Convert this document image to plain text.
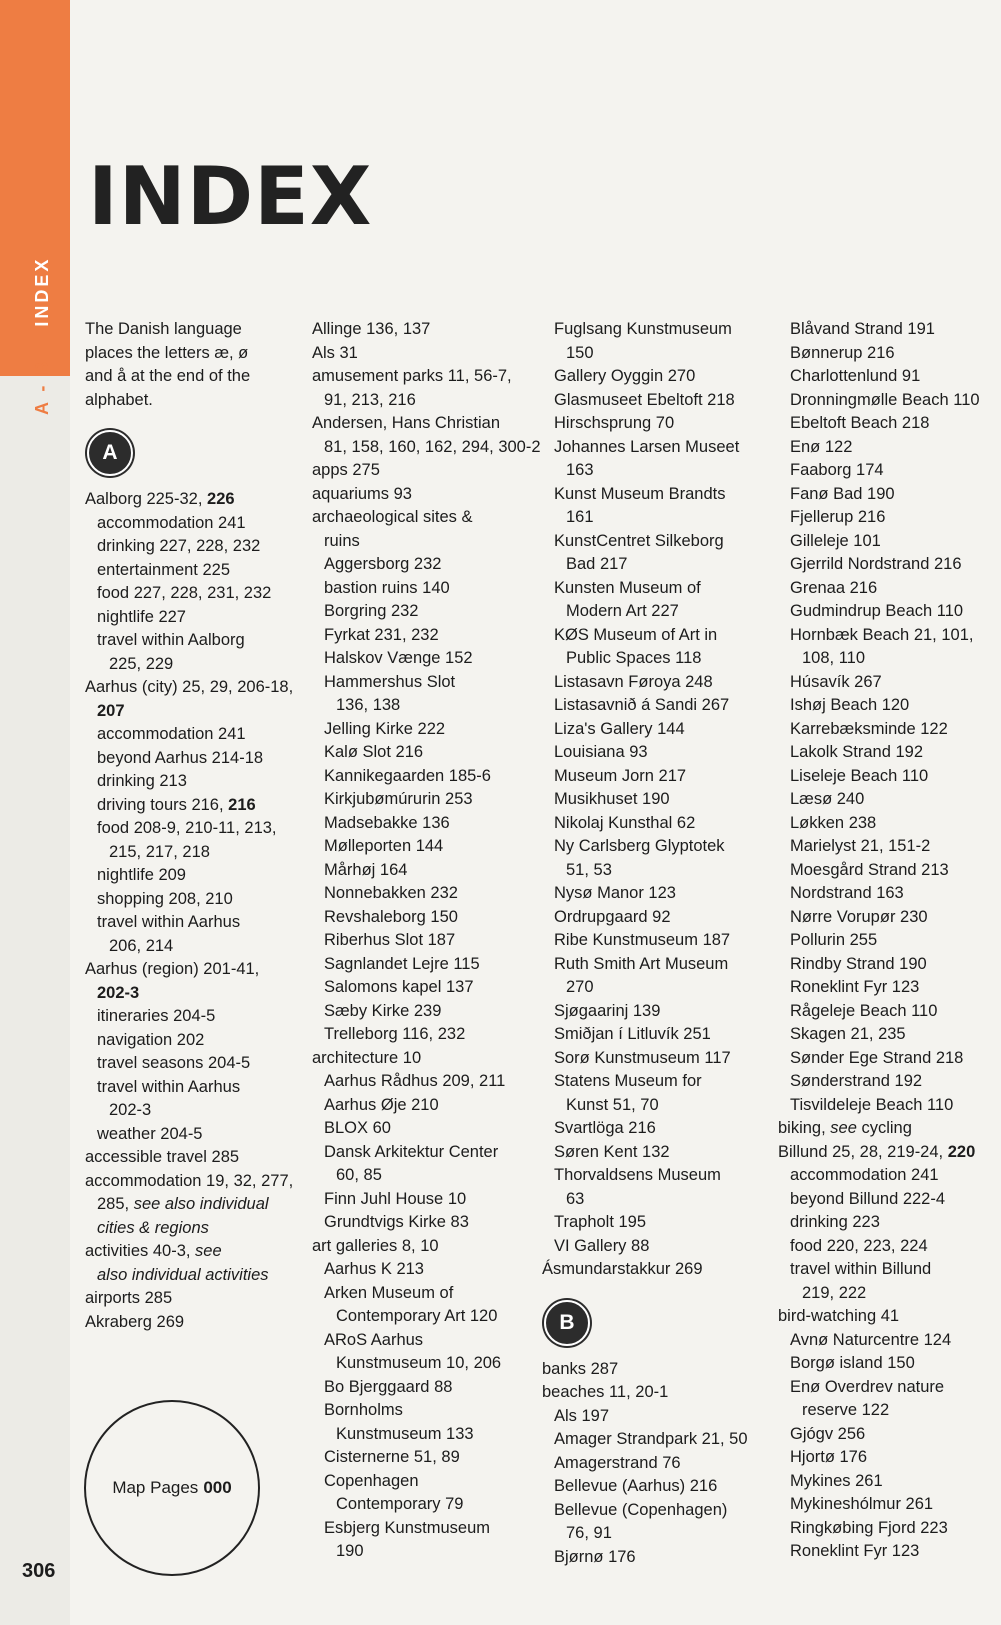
A - B  INDEX
INDEX
The Danish language places the letters æ, ø and å at the end of the alphabet.
A
Aalborg 225-32, 226
accommodation 241
drinking 227, 228, 232
entertainment 225
food 227, 228, 231, 232
nightlife 227
travel within Aalborg
225, 229
Aarhus (city) 25, 29, 206-18,
207
accommodation 241
beyond Aarhus 214-18
drinking 213
driving tours 216, 216
food 208-9, 210-11, 213,
215, 217, 218
nightlife 209
shopping 208, 210
travel within Aarhus
206, 214
Aarhus (region) 201-41,
202-3
itineraries 204-5
navigation 202
travel seasons 204-5
travel within Aarhus
202-3
weather 204-5
accessible travel 285
accommodation 19, 32, 277,
285, see also individual
cities & regions
activities 40-3, see
also individual activities
airports 285
Akraberg 269
Allinge 136, 137
Als 31
amusement parks 11, 56-7,
91, 213, 216
Andersen, Hans Christian
81, 158, 160, 162, 294, 300-2
apps 275
aquariums 93
archaeological sites &
ruins
Aggersborg 232
bastion ruins 140
Borgring 232
Fyrkat 231, 232
Halskov Vænge 152
Hammershus Slot
136, 138
Jelling Kirke 222
Kalø Slot 216
Kannikegaarden 185-6
Kirkjubømúrurin 253
Madsebakke 136
Mølleporten 144
Mårhøj 164
Nonnebakken 232
Revshaleborg 150
Riberhus Slot 187
Sagnlandet Lejre 115
Salomons kapel 137
Sæby Kirke 239
Trelleborg 116, 232
architecture 10
Aarhus Rådhus 209, 211
Aarhus Øje 210
BLOX 60
Dansk Arkitektur Center
60, 85
Finn Juhl House 10
Grundtvigs Kirke 83
art galleries 8, 10
Aarhus K 213
Arken Museum of
Contemporary Art 120
ARoS Aarhus
Kunstmuseum 10, 206
Bo Bjerggaard 88
Bornholms
Kunstmuseum 133
Cisternerne 51, 89
Copenhagen
Contemporary 79
Esbjerg Kunstmuseum
190
Fuglsang Kunstmuseum
150
Gallery Oyggin 270
Glasmuseet Ebeltoft 218
Hirschsprung 70
Johannes Larsen Museet
163
Kunst Museum Brandts
161
KunstCentret Silkeborg
Bad 217
Kunsten Museum of
Modern Art 227
KØS Museum of Art in
Public Spaces 118
Listasavn Føroya 248
Listasavnið á Sandi 267
Liza's Gallery 144
Louisiana 93
Museum Jorn 217
Musikhuset 190
Nikolaj Kunsthal 62
Ny Carlsberg Glyptotek
51, 53
Nysø Manor 123
Ordrupgaard 92
Ribe Kunstmuseum 187
Ruth Smith Art Museum
270
Sjøgaarinj 139
Smiðjan í Litluvík 251
Sorø Kunstmuseum 117
Statens Museum for
Kunst 51, 70
Svartlöga 216
Søren Kent 132
Thorvaldsens Museum
63
Trapholt 195
VI Gallery 88
Ásmundarstakkur 269
B
banks 287
beaches 11, 20-1
Als 197
Amager Strandpark 21, 50
Amagerstrand 76
Bellevue (Aarhus) 216
Bellevue (Copenhagen)
76, 91
Bjørnø 176
Blåvand Strand 191
Bønnerup 216
Charlottenlund 91
Dronningmølle Beach 110
Ebeltoft Beach 218
Enø 122
Faaborg 174
Fanø Bad 190
Fjellerup 216
Gilleleje 101
Gjerrild Nordstrand 216
Grenaa 216
Gudmindrup Beach 110
Hornbæk Beach 21, 101,
108, 110
Húsavík 267
Ishøj Beach 120
Karrebæksminde 122
Lakolk Strand 192
Liseleje Beach 110
Læsø 240
Løkken 238
Marielyst 21, 151-2
Moesgård Strand 213
Nordstrand 163
Nørre Vorupør 230
Pollurin 255
Rindby Strand 190
Roneklint Fyr 123
Rågeleje Beach 110
Skagen 21, 235
Sønder Ege Strand 218
Sønderstrand 192
Tisvildeleje Beach 110
biking, see cycling
Billund 25, 28, 219-24, 220
accommodation 241
beyond Billund 222-4
drinking 223
food 220, 223, 224
travel within Billund
219, 222
bird-watching 41
Avnø Naturcentre 124
Borgø island 150
Enø Overdrev nature
reserve 122
Gjógv 256
Hjortø 176
Mykines 261
Mykineshólmur 261
Ringkøbing Fjord 223
Roneklint Fyr 123
Map Pages 000
306
